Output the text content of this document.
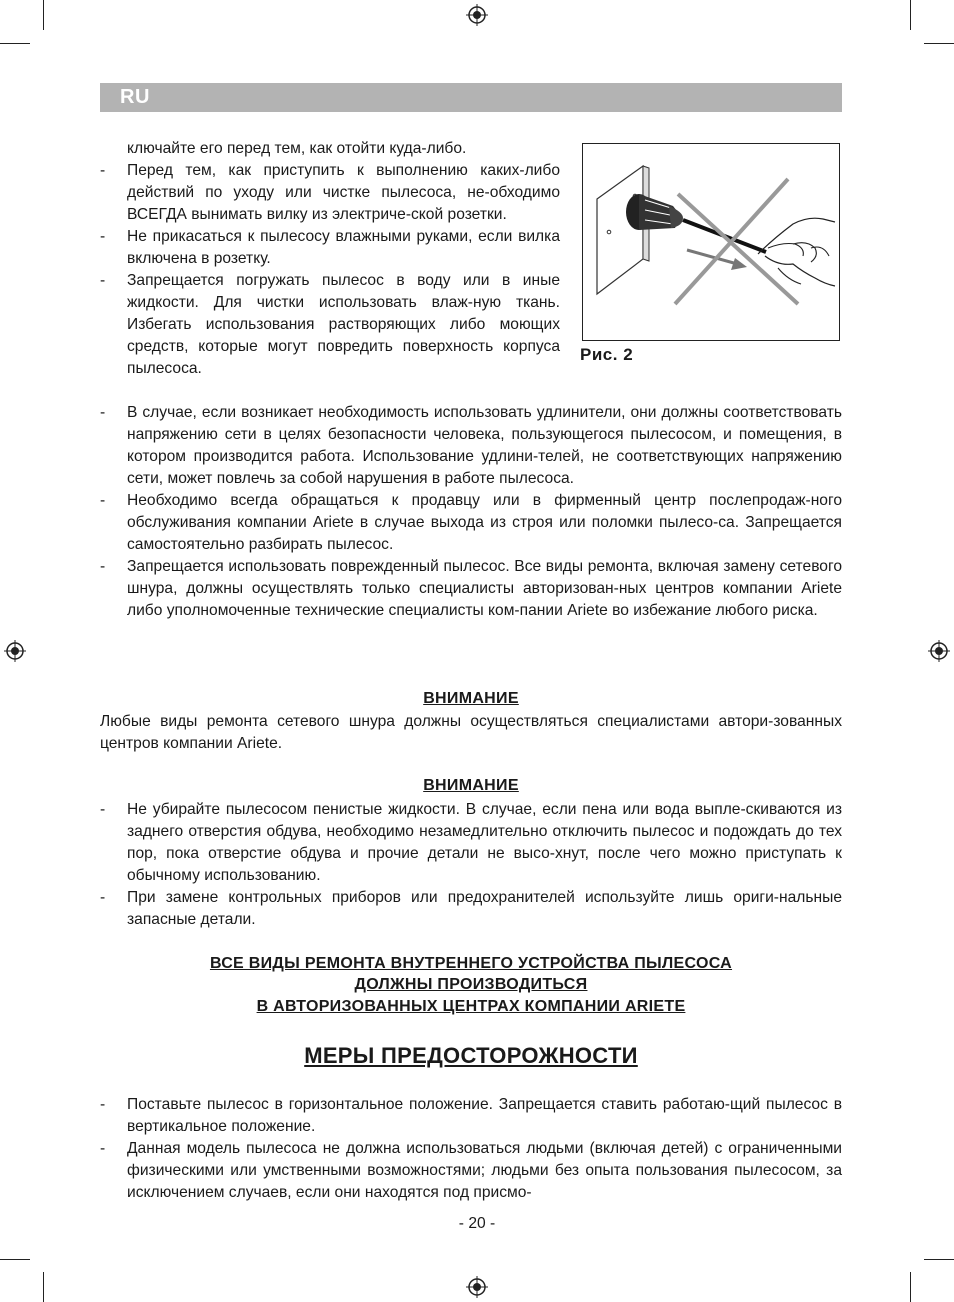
RU
ключайте его перед тем, как отойти куда-либо.
- Перед тем, как приступить к выполнению каких-либо действий по уходу или чистке пылесоса, не-обходимо ВСЕГДА вынимать вилку из электриче-ской розетки.
- Не прикасаться к пылесосу влажными руками, если вилка включена в розетку.
- Запрещается погружать пылесос в воду или в иные жидкости. Для чистки использовать влаж-ную ткань. Избегать использования растворяющих либо моющих средств, которые могут повредить поверхность корпуса пылесоса.
Рис. 2
- В случае, если возникает необходимость использовать удлинители, они должны соответствовать напряжению сети в целях безопасности человека, пользующегося пылесосом, и помещения, в котором производится работа. Использование удлини-телей, не соответствующих напряжению сети, может повлечь за собой нарушения в работе пылесоса.
- Необходимо всегда обращаться к продавцу или в фирменный центр послепродаж-ного обслуживания компании Ariete в случае выхода из строя или поломки пылесо-са. Запрещается самостоятельно разбирать пылесос.
- Запрещается использовать поврежденный пылесос. Все виды ремонта, включая замену сетевого шнура, должны осуществлять только специалисты авторизован-ных центров компании Ariete либо уполномоченные технические специалисты ком-пании Ariete во избежание любого риска.
ВНИМАНИЕ
Любые виды ремонта сетевого шнура должны осуществляться специалистами автори-зованных центров компании Ariete.
ВНИМАНИЕ
- Не убирайте пылесосом пенистые жидкости. В случае, если пена или вода выпле-скиваются из заднего отверстия обдува, необходимо незамедлительно отключить пылесос и подождать до тех пор, пока отверстие обдува и прочие детали не высо-хнут, после чего можно приступать к обычному использованию.
- При замене контрольных приборов или предохранителей используйте лишь ориги-нальные запасные детали.
ВСЕ ВИДЫ РЕМОНТА ВНУТРЕННЕГО УСТРОЙСТВА ПЫЛЕСОСА
ДОЛЖНЫ ПРОИЗВОДИТЬСЯ
В АВТОРИЗОВАННЫХ ЦЕНТРАХ КОМПАНИИ ARIETE
МЕРЫ ПРЕДОСТОРОЖНОСТИ
- Поставьте пылесос в горизонтальное положение. Запрещается ставить работаю-щий пылесос в вертикальное положение.
- Данная модель пылесоса не должна использоваться людьми (включая детей) с ограниченными физическими или умственными возможностями; людьми без опыта пользования пылесосом, за исключением случаев, если они находятся под присмо-
- 20 -
